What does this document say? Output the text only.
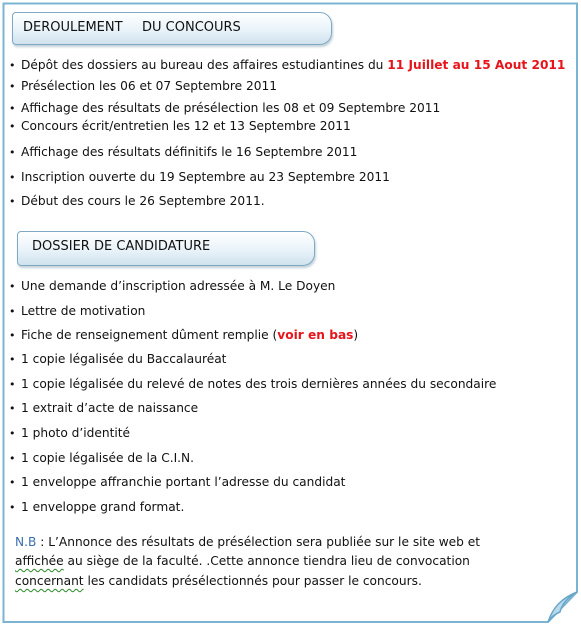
DEROULEMENT DU CONCOURS
• Dépôt des dossiers au bureau des affaires estudiantines du 11 Juillet au 15 Aout 2011
• Présélection les 06 et 07 Septembre 2011
• Affichage des résultats de présélection les 08 et 09 Septembre 2011
• Concours écrit/entretien les 12 et 13 Septembre 2011
• Affichage des résultats définitifs le 16 Septembre 2011
• Inscription ouverte du 19 Septembre au 23 Septembre 2011
• Début des cours le 26 Septembre 2011.
DOSSIER DE CANDIDATURE
• Une demande d’inscription adressée à M. Le Doyen
• Lettre de motivation
• Fiche de renseignement dûment remplie (voir en bas)
• 1 copie légalisée du Baccalauréat
• 1 copie légalisée du relevé de notes des trois dernières années du secondaire
• 1 extrait d’acte de naissance
• 1 photo d’identité
• 1 copie légalisée de la C.I.N.
• 1 enveloppe affranchie portant l’adresse du candidat
• 1 enveloppe grand format.
N.B : L’Annonce des résultats de présélection sera publiée sur le site web et
affichée au siège de la faculté. .Cette annonce tiendra lieu de convocation
concernant les candidats présélectionnés pour passer le concours.
